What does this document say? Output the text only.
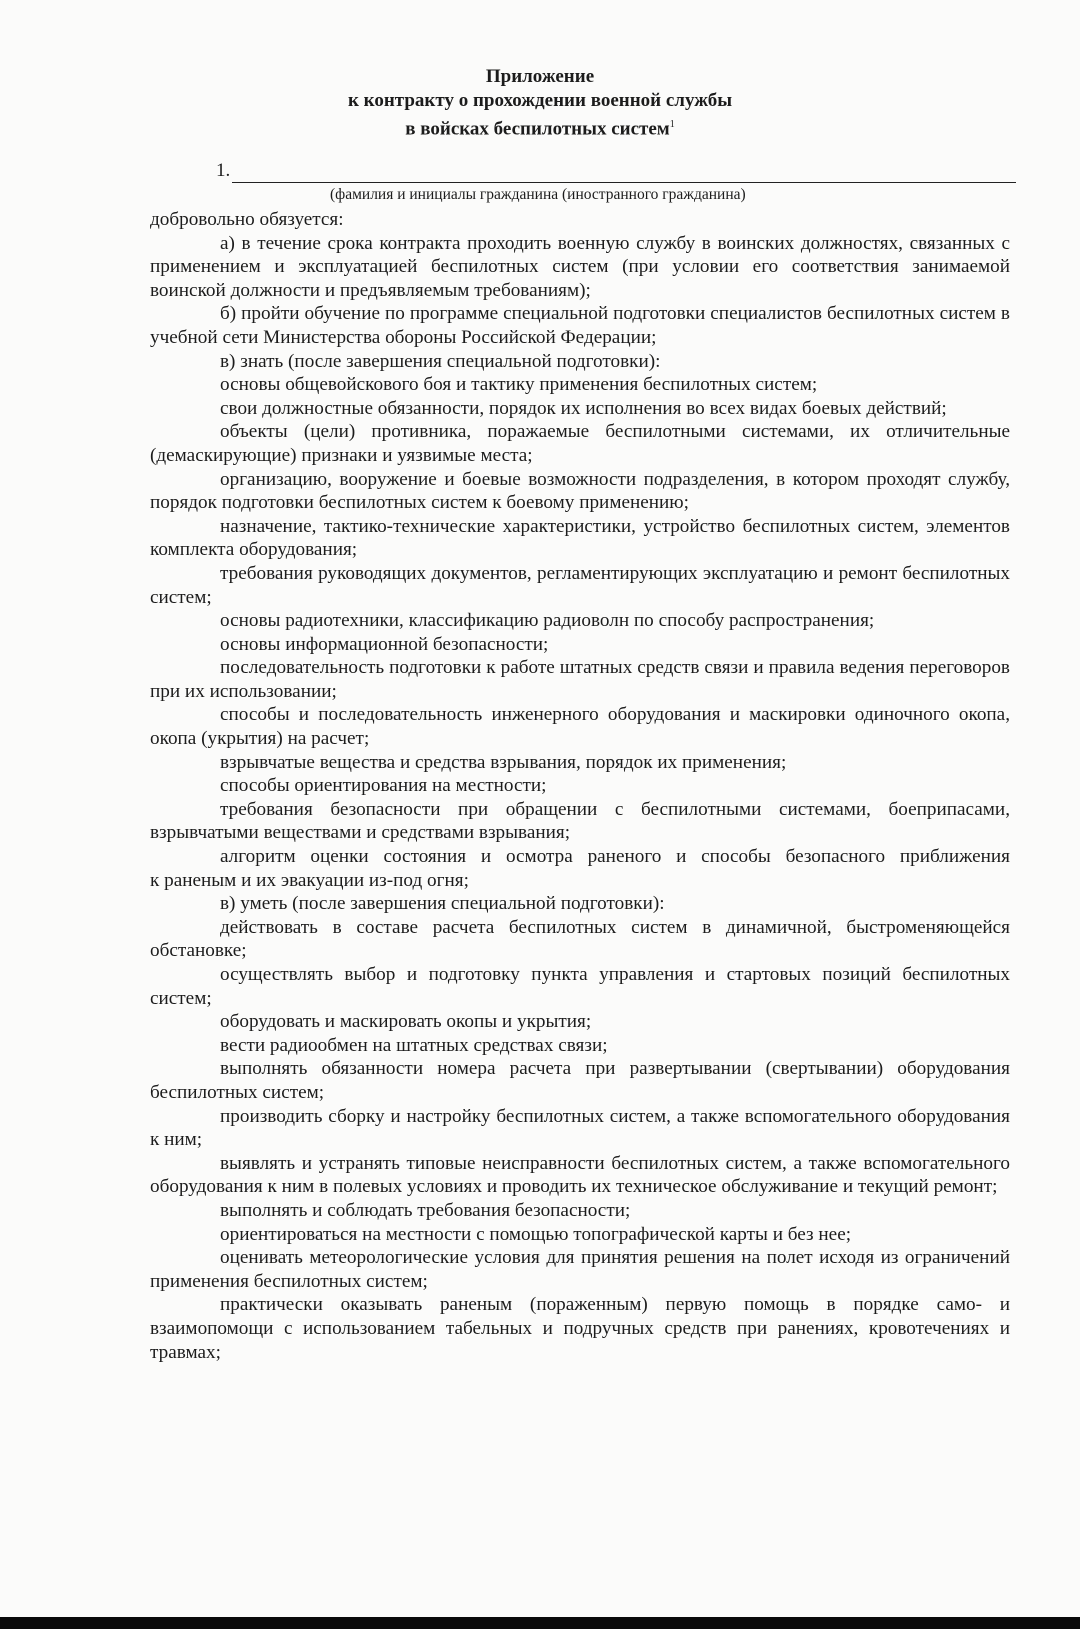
Приложение
к контракту о прохождении военной службы
в войсках беспилотных систем$^1$
1.
(фамилия и инициалы гражданина (иностранного гражданина)

добровольно обязуется:

а) в течение срока контракта проходить военную службу в воинских должностях, связанных с применением и эксплуатацией беспилотных систем (при условии его соответствия занимаемой воинской должности и предъявляемым требованиям);

б) пройти обучение по программе специальной подготовки специалистов беспилотных систем в учебной сети Министерства обороны Российской Федерации;

в) знать (после завершения специальной подготовки):

основы общевойскового боя и тактику применения беспилотных систем;

свои должностные обязанности, порядок их исполнения во всех видах боевых действий;

объекты (цели) противника, поражаемые беспилотными системами, их отличительные (демаскирующие) признаки и уязвимые места;

организацию, вооружение и боевые возможности подразделения, в котором проходят службу, порядок подготовки беспилотных систем к боевому применению;

назначение, тактико-технические характеристики, устройство беспилотных систем, элементов комплекта оборудования;

требования руководящих документов, регламентирующих эксплуатацию и ремонт беспилотных систем;

основы радиотехники, классификацию радиоволн по способу распространения;

основы информационной безопасности;

последовательность подготовки к работе штатных средств связи и правила ведения переговоров при их использовании;

способы и последовательность инженерного оборудования и маскировки одиночного окопа, окопа (укрытия) на расчет;

взрывчатые вещества и средства взрывания, порядок их применения;

способы ориентирования на местности;

требования безопасности при обращении с беспилотными системами, боеприпасами, взрывчатыми веществами и средствами взрывания;

алгоритм оценки состояния и осмотра раненого и способы безопасного приближения

к раненым и их эвакуации из-под огня;

в) уметь (после завершения специальной подготовки):

действовать в составе расчета беспилотных систем в динамичной, быстроменяющейся обстановке;

осуществлять выбор и подготовку пункта управления и стартовых позиций беспилотных систем;

оборудовать и маскировать окопы и укрытия;

вести радиообмен на штатных средствах связи;

выполнять обязанности номера расчета при развертывании (свертывании) оборудования беспилотных систем;

производить сборку и настройку беспилотных систем, а также вспомогательного оборудования к ним;

выявлять и устранять типовые неисправности беспилотных систем, а также вспомогательного оборудования к ним в полевых условиях и проводить их техническое обслуживание и текущий ремонт;

выполнять и соблюдать требования безопасности;

ориентироваться на местности с помощью топографической карты и без нее;

оценивать метеорологические условия для принятия решения на полет исходя из ограничений применения беспилотных систем;

практически оказывать раненым (пораженным) первую помощь в порядке само- и взаимопомощи с использованием табельных и подручных средств при ранениях, кровотечениях и травмах;
